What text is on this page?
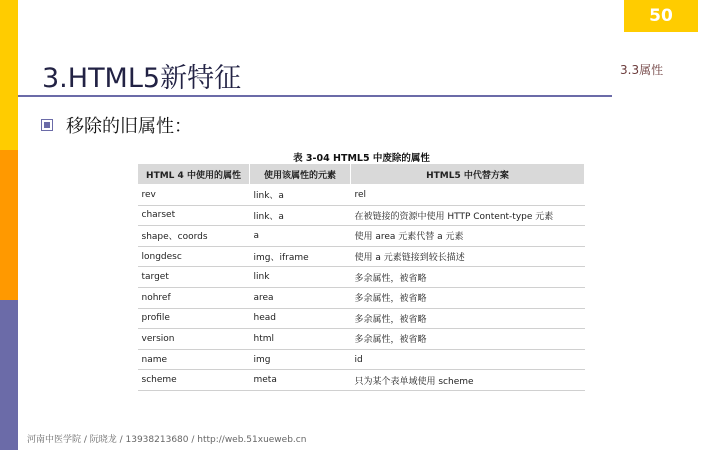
50
3.3属性
3.HTML5新特征
移除的旧属性：
表 3-04 HTML5 中废除的属性
HTML 4 中使用的属性	使用该属性的元素	HTML5 中代替方案
rev	link、a	rel
charset	link、a	在被链接的资源中使用 HTTP Content-type 元素
shape、coords	a	使用 area 元素代替 a 元素
longdesc	img、iframe	使用 a 元素链接到较长描述
target	link	多余属性，被省略
nohref	area	多余属性，被省略
profile	head	多余属性，被省略
version	html	多余属性，被省略
name	img	id
scheme	meta	只为某个表单域使用 scheme
河南中医学院 / 阮晓龙 / 13938213680 / http://web.51xueweb.cn
